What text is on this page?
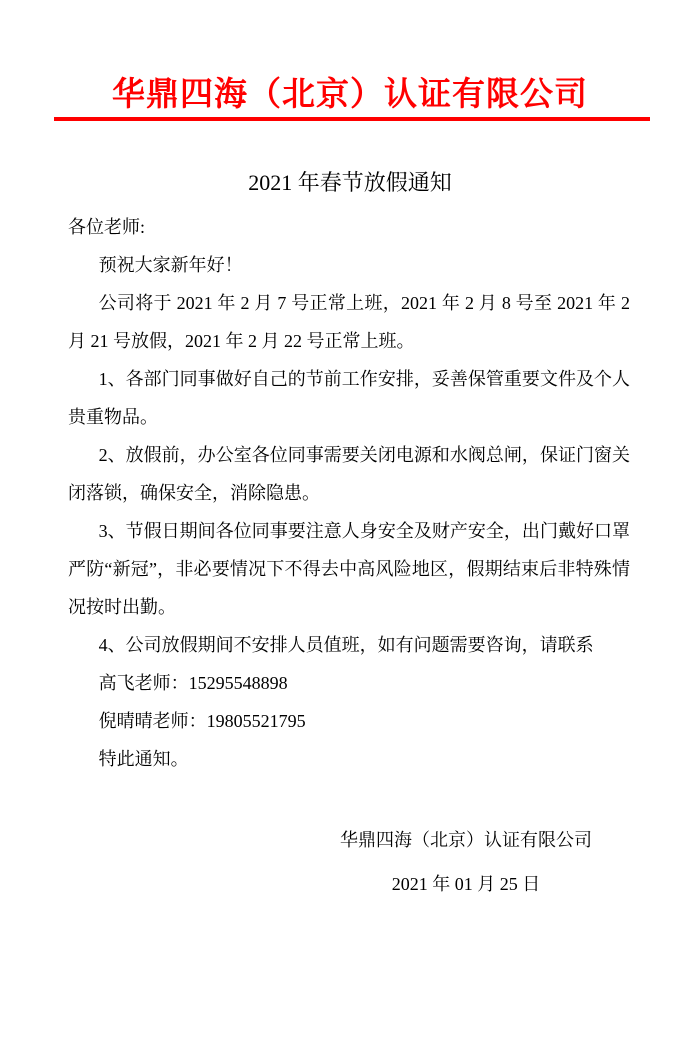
华鼎四海（北京）认证有限公司
2021 年春节放假通知

各位老师:

预祝大家新年好！

公司将于 2021 年 2 月 7 号正常上班，2021 年 2 月 8 号至 2021 年 2 月 21 号放假，2021 年 2 月 22 号正常上班。

1、各部门同事做好自己的节前工作安排，妥善保管重要文件及个人贵重物品。

2、放假前，办公室各位同事需要关闭电源和水阀总闸，保证门窗关闭落锁，确保安全，消除隐患。

3、节假日期间各位同事要注意人身安全及财产安全，出门戴好口罩严防“新冠”，非必要情况下不得去中高风险地区，假期结束后非特殊情况按时出勤。

4、公司放假期间不安排人员值班，如有问题需要咨询，请联系

高飞老师：15295548898

倪晴晴老师：19805521795

特此通知。

华鼎四海（北京）认证有限公司
2021 年 01 月 25 日
